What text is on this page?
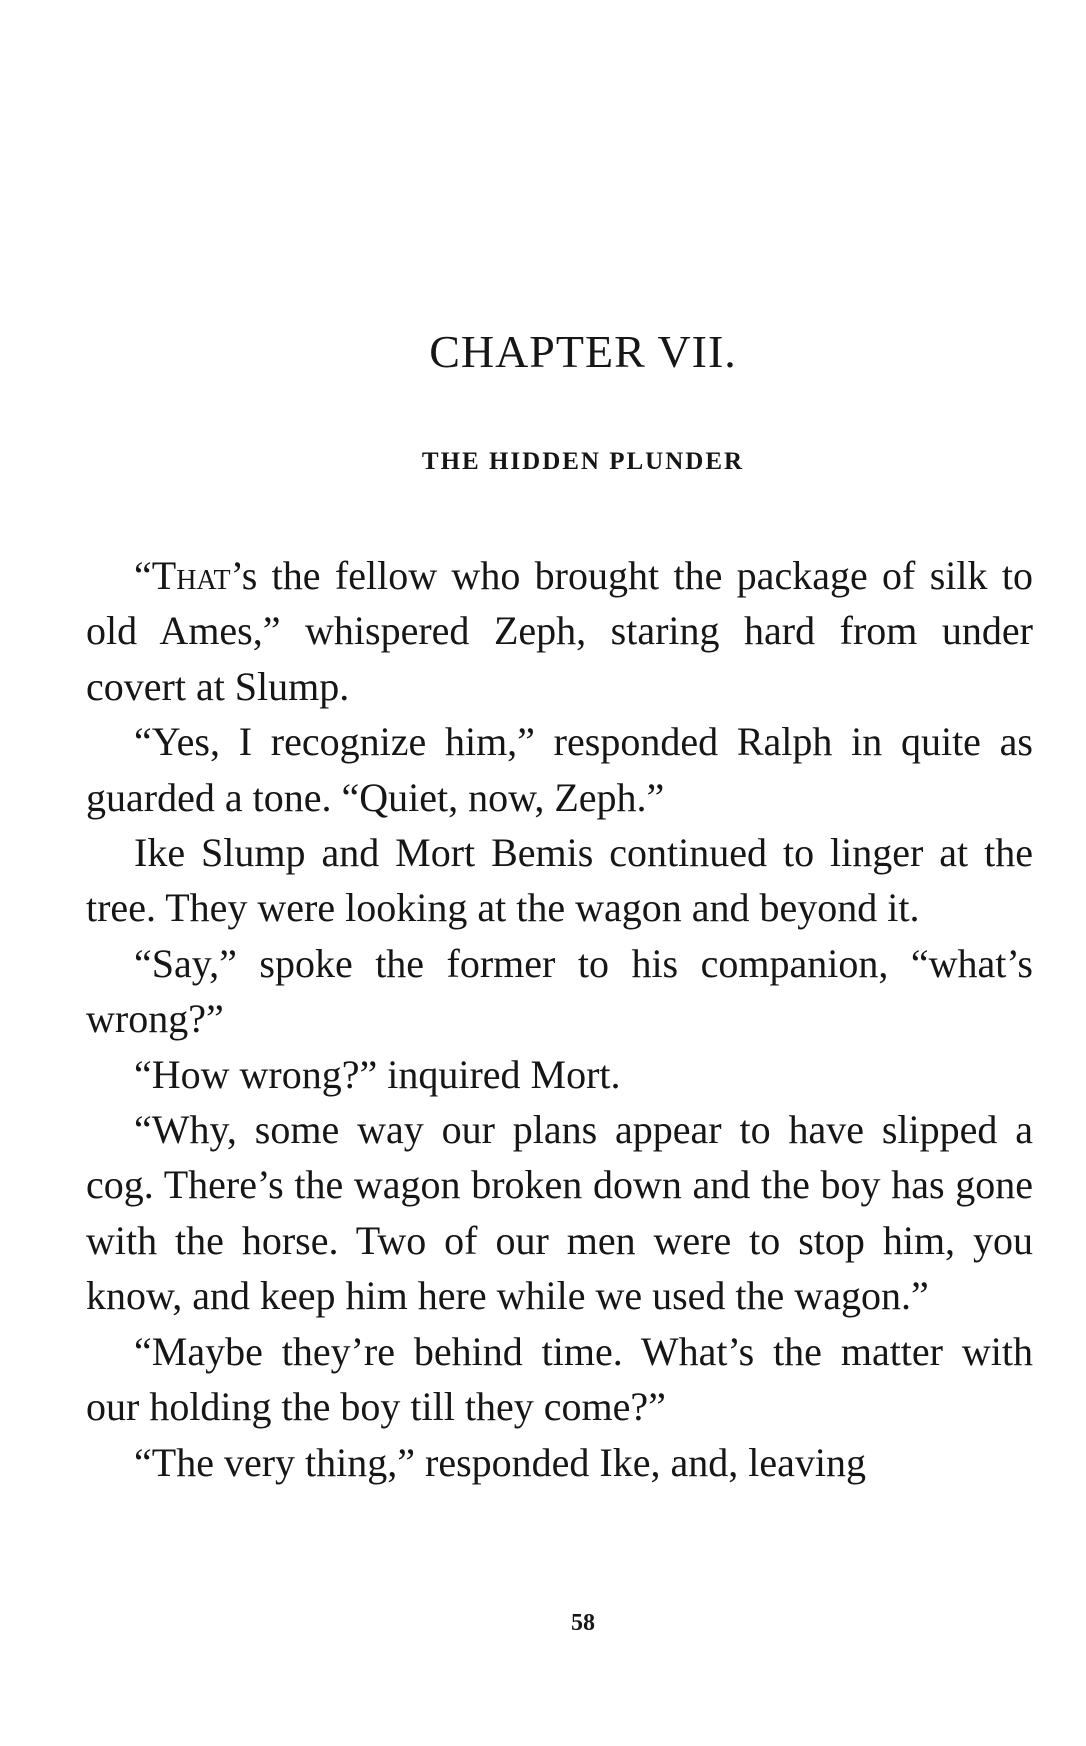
CHAPTER VII.
THE HIDDEN PLUNDER

“That’s the fellow who brought the package of silk to old Ames,” whispered Zeph, staring hard from under covert at Slump.

“Yes, I recognize him,” responded Ralph in quite as guarded a tone. “Quiet, now, Zeph.”

Ike Slump and Mort Bemis continued to linger at the tree. They were looking at the wagon and beyond it.

“Say,” spoke the former to his companion, “what’s wrong?”

“How wrong?” inquired Mort.

“Why, some way our plans appear to have slipped a cog. There’s the wagon broken down and the boy has gone with the horse. Two of our men were to stop him, you know, and keep him here while we used the wagon.”

“Maybe they’re behind time. What’s the matter with our holding the boy till they come?”

“The very thing,” responded Ike, and, leaving

58
